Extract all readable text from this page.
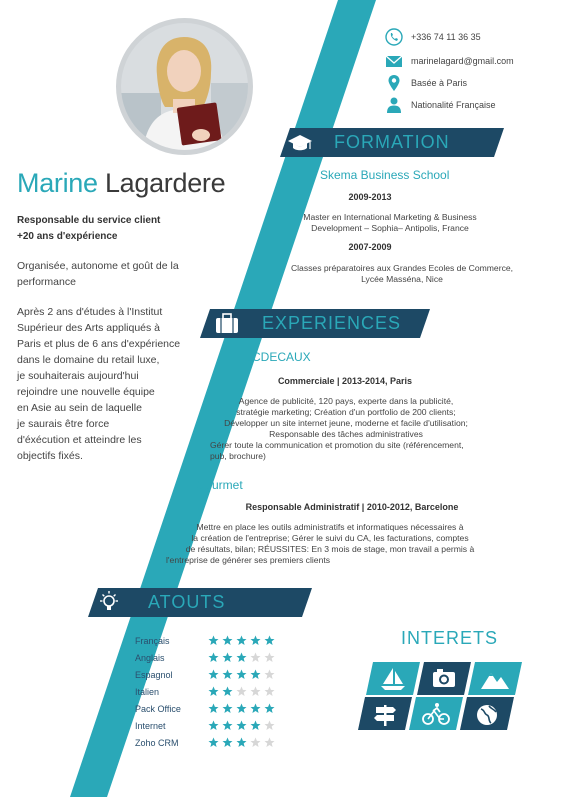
Marine Lagardere
Responsable du service client
+20 ans d'expérience
Organisée, autonome et goût de la
performance
Après 2 ans d'études à l'Institut
Supérieur des Arts appliqués à
Paris et plus de 6 ans d'expérience
dans le domaine du retail luxe,
je souhaiterais aujourd'hui
rejoindre une nouvelle équipe
en Asie au sein de laquelle
je saurais être force
d'éxécution et atteindre les
objectifs fixés.
+336 74 11 36 35
marinelagard@gmail.com
Basée à Paris
Nationalité Française
FORMATION
Skema Business School
2009-2013
Master en International Marketing & Business
Development – Sophia– Antipolis, France
2007-2009
Classes préparatoires aux Grandes Ecoles de Commerce,
Lycée Masséna, Nice
EXPERIENCES
JCDECAUX
Commerciale | 2013-2014, Paris
Agence de publicité, 120 pays, experte dans la publicité,
stratégie marketing; Création d'un portfolio de 200 clients;
Développer un site internet jeune, moderne et facile d'utilisation;
Responsable des tâches administratives
Gérer toute la communication et promotion du site (référencement,
pub, brochure)
Gourmet
Responsable Administratif | 2010-2012, Barcelone
Mettre en place les outils administratifs et informatiques nécessaires à
la création de l'entreprise; Gérer le suivi du CA, les facturations, comptes
de résultats, bilan; RÉUSSITES: En 3 mois de stage, mon travail a permis à
l'entreprise de générer ses premiers clients
ATOUTS
Français
Anglais
Espagnol
Italien
Pack Office
Internet
Zoho CRM
INTERETS
